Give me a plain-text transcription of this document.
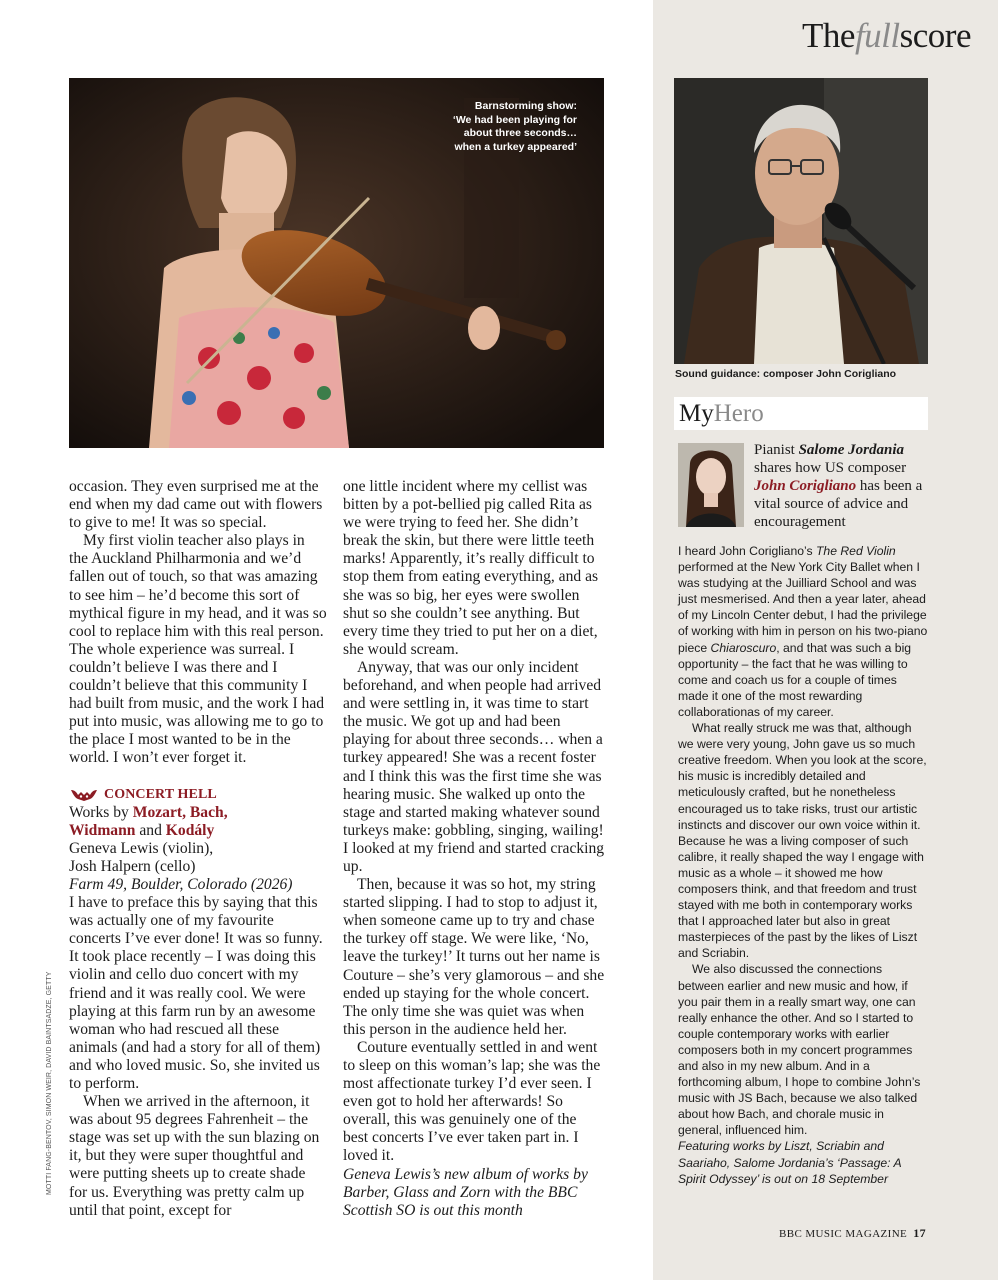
Thefullscore
Barnstorming show:
‘We had been playing for
about three seconds…
when a turkey appeared’

occasion. They even surprised me at the end when my dad came out with flowers to give to me! It was so special.

My first violin teacher also plays in the Auckland Philharmonia and we’d fallen out of touch, so that was amazing to see him – he’d become this sort of mythical figure in my head, and it was so cool to replace him with this real person. The whole experience was surreal. I couldn’t believe I was there and I couldn’t believe that this community I had built from music, and the work I had put into music, was allowing me to go to the place I most wanted to be in the world. I won’t ever forget it.

CONCERT HELL

Works by Mozart, Bach,
Widmann and Kodály

Geneva Lewis (violin),

Josh Halpern (cello)

Farm 49, Boulder, Colorado (2026)

I have to preface this by saying that this was actually one of my favourite concerts I’ve ever done! It was so funny. It took place recently – I was doing this violin and cello duo concert with my friend and it was really cool. We were playing at this farm run by an awesome woman who had rescued all these animals (and had a story for all of them) and who loved music. So, she invited us to perform.

When we arrived in the afternoon, it was about 95 degrees Fahrenheit – the stage was set up with the sun blazing on it, but they were super thoughtful and were putting sheets up to create shade for us. Everything was pretty calm up until that point, except for

one little incident where my cellist was bitten by a pot-bellied pig called Rita as we were trying to feed her. She didn’t break the skin, but there were little teeth marks! Apparently, it’s really difficult to stop them from eating everything, and as she was so big, her eyes were swollen shut so she couldn’t see anything. But every time they tried to put her on a diet, she would scream.

Anyway, that was our only incident beforehand, and when people had arrived and were settling in, it was time to start the music. We got up and had been playing for about three seconds… when a turkey appeared! She was a recent foster and I think this was the first time she was hearing music. She walked up onto the stage and started making whatever sound turkeys make: gobbling, singing, wailing! I looked at my friend and started cracking up.

Then, because it was so hot, my string started slipping. I had to stop to adjust it, when someone came up to try and chase the turkey off stage. We were like, ‘No, leave the turkey!’ It turns out her name is Couture – she’s very glamorous – and she ended up staying for the whole concert. The only time she was quiet was when this person in the audience held her.

Couture eventually settled in and went to sleep on this woman’s lap; she was the most affectionate turkey I’d ever seen. I even got to hold her afterwards! So overall, this was genuinely one of the best concerts I’ve ever taken part in. I loved it.

Geneva Lewis’s new album of works by Barber, Glass and Zorn with the BBC Scottish SO is out this month

MOTTI FANG-BENTOV, SIMON WEIR, DAVID BAINTSADZE, GETTY
Sound guidance: composer John Corigliano
MyHero
Pianist Salome Jordania shares how US composer John Corigliano has been a vital source of advice and encouragement

I heard John Corigliano’s The Red Violin performed at the New York City Ballet when I was studying at the Juilliard School and was just mesmerised. And then a year later, ahead of my Lincoln Center debut, I had the privilege of working with him in person on his two-piano piece Chiaroscuro, and that was such a big opportunity – the fact that he was willing to come and coach us for a couple of times made it one of the most rewarding collaborationas of my career.

What really struck me was that, although we were very young, John gave us so much creative freedom. When you look at the score, his music is incredibly detailed and meticulously crafted, but he nonetheless encouraged us to take risks, trust our artistic instincts and discover our own voice within it. Because he was a living composer of such calibre, it really shaped the way I engage with music as a whole – it showed me how composers think, and that freedom and trust stayed with me both in contemporary works that I approached later but also in great masterpieces of the past by the likes of Liszt and Scriabin.

We also discussed the connections between earlier and new music and how, if you pair them in a really smart way, one can really enhance the other. And so I started to couple contemporary works with earlier composers both in my concert programmes and also in my new album. And in a forthcoming album, I hope to combine John’s music with JS Bach, because we also talked about how Bach, and chorale music in general, influenced him.

Featuring works by Liszt, Scriabin and Saariaho, Salome Jordania’s ‘Passage: A Spirit Odyssey’ is out on 18 September

BBC MUSIC MAGAZINE 17
